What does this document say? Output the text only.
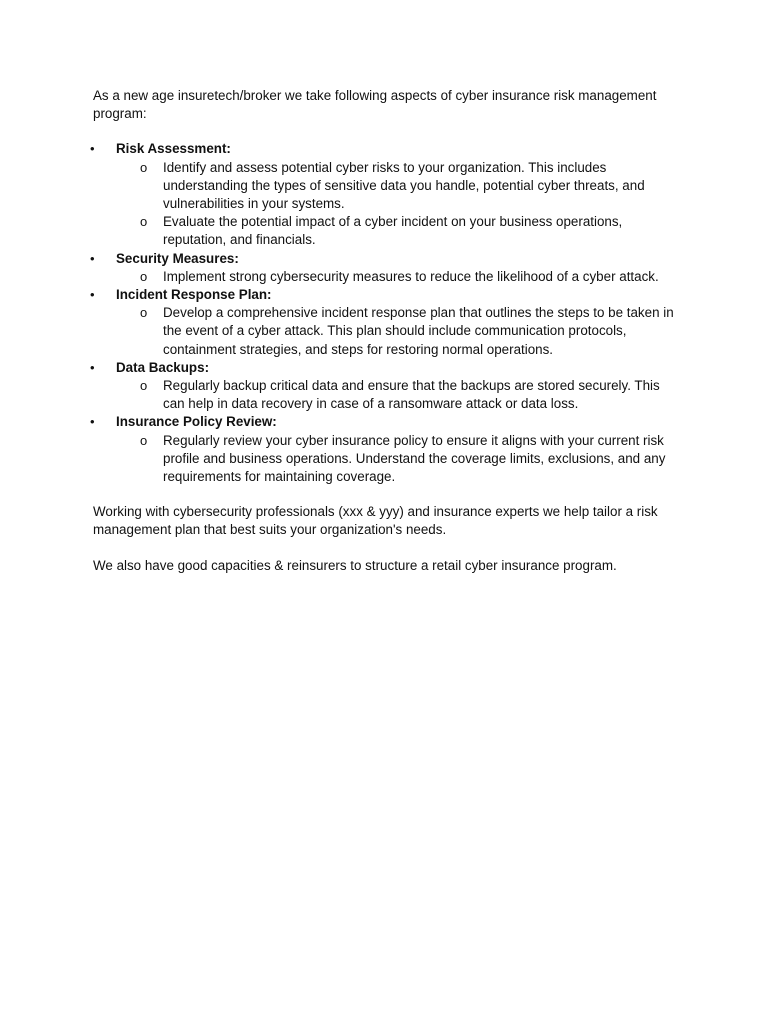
As a new age insuretech/broker we take following aspects of cyber insurance risk management program:

• Risk Assessment:
o Identify and assess potential cyber risks to your organization. This includes understanding the types of sensitive data you handle, potential cyber threats, and vulnerabilities in your systems.
o Evaluate the potential impact of a cyber incident on your business operations, reputation, and financials.
• Security Measures:
o Implement strong cybersecurity measures to reduce the likelihood of a cyber attack.
• Incident Response Plan:
o Develop a comprehensive incident response plan that outlines the steps to be taken in the event of a cyber attack. This plan should include communication protocols, containment strategies, and steps for restoring normal operations.
• Data Backups:
o Regularly backup critical data and ensure that the backups are stored securely. This can help in data recovery in case of a ransomware attack or data loss.
• Insurance Policy Review:
o Regularly review your cyber insurance policy to ensure it aligns with your current risk profile and business operations. Understand the coverage limits, exclusions, and any requirements for maintaining coverage.

Working with cybersecurity professionals (xxx & yyy) and insurance experts we help tailor a risk management plan that best suits your organization's needs.

We also have good capacities & reinsurers to structure a retail cyber insurance program.
